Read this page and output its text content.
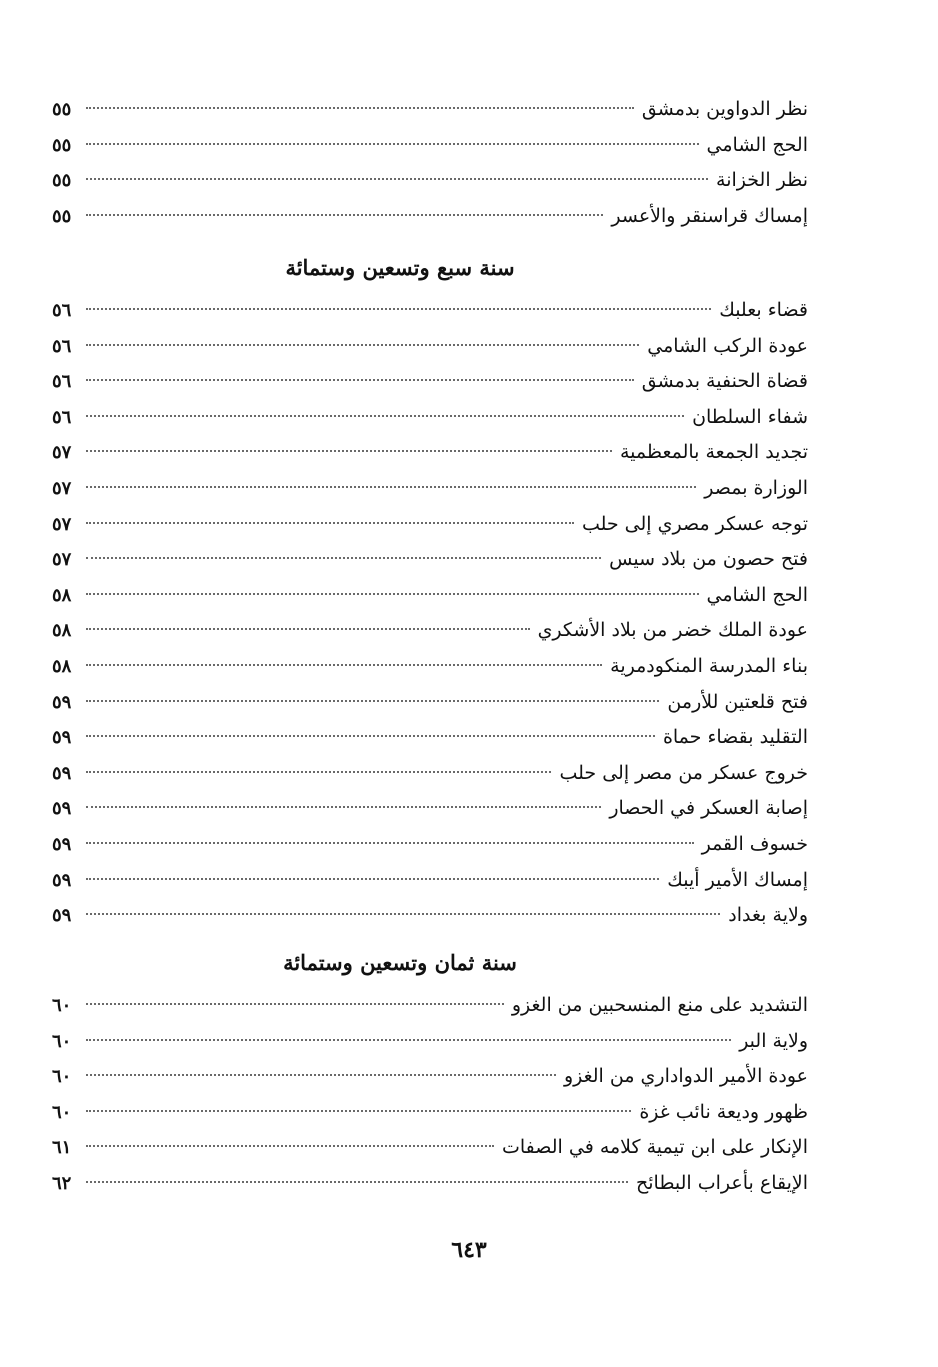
نظر الدواوين بدمشق
٥٥
الحج الشامي
٥٥
نظر الخزانة
٥٥
إمساك قراسنقر والأعسر
٥٥
سنة سبع وتسعين وستمائة
قضاء بعلبك
٥٦
عودة الركب الشامي
٥٦
قضاة الحنفية بدمشق
٥٦
شفاء السلطان
٥٦
تجديد الجمعة بالمعظمية
٥٧
الوزارة بمصر
٥٧
توجه عسكر مصري إلى حلب
٥٧
فتح حصون من بلاد سيس
٥٧
الحج الشامي
٥٨
عودة الملك خضر من بلاد الأشكري
٥٨
بناء المدرسة المنكودمرية
٥٨
فتح قلعتين للأرمن
٥٩
التقليد بقضاء حماة
٥٩
خروج عسكر من مصر إلى حلب
٥٩
إصابة العسكر في الحصار
٥٩
خسوف القمر
٥٩
إمساك الأمير أيبك
٥٩
ولاية بغداد
٥٩
سنة ثمان وتسعين وستمائة
التشديد على منع المنسحبين من الغزو
٦٠
ولاية البر
٦٠
عودة الأمير الدواداري من الغزو
٦٠
ظهور وديعة نائب غزة
٦٠
الإنكار على ابن تيمية كلامه في الصفات
٦١
الإيقاع بأعراب البطائح
٦٢
٦٤٣
